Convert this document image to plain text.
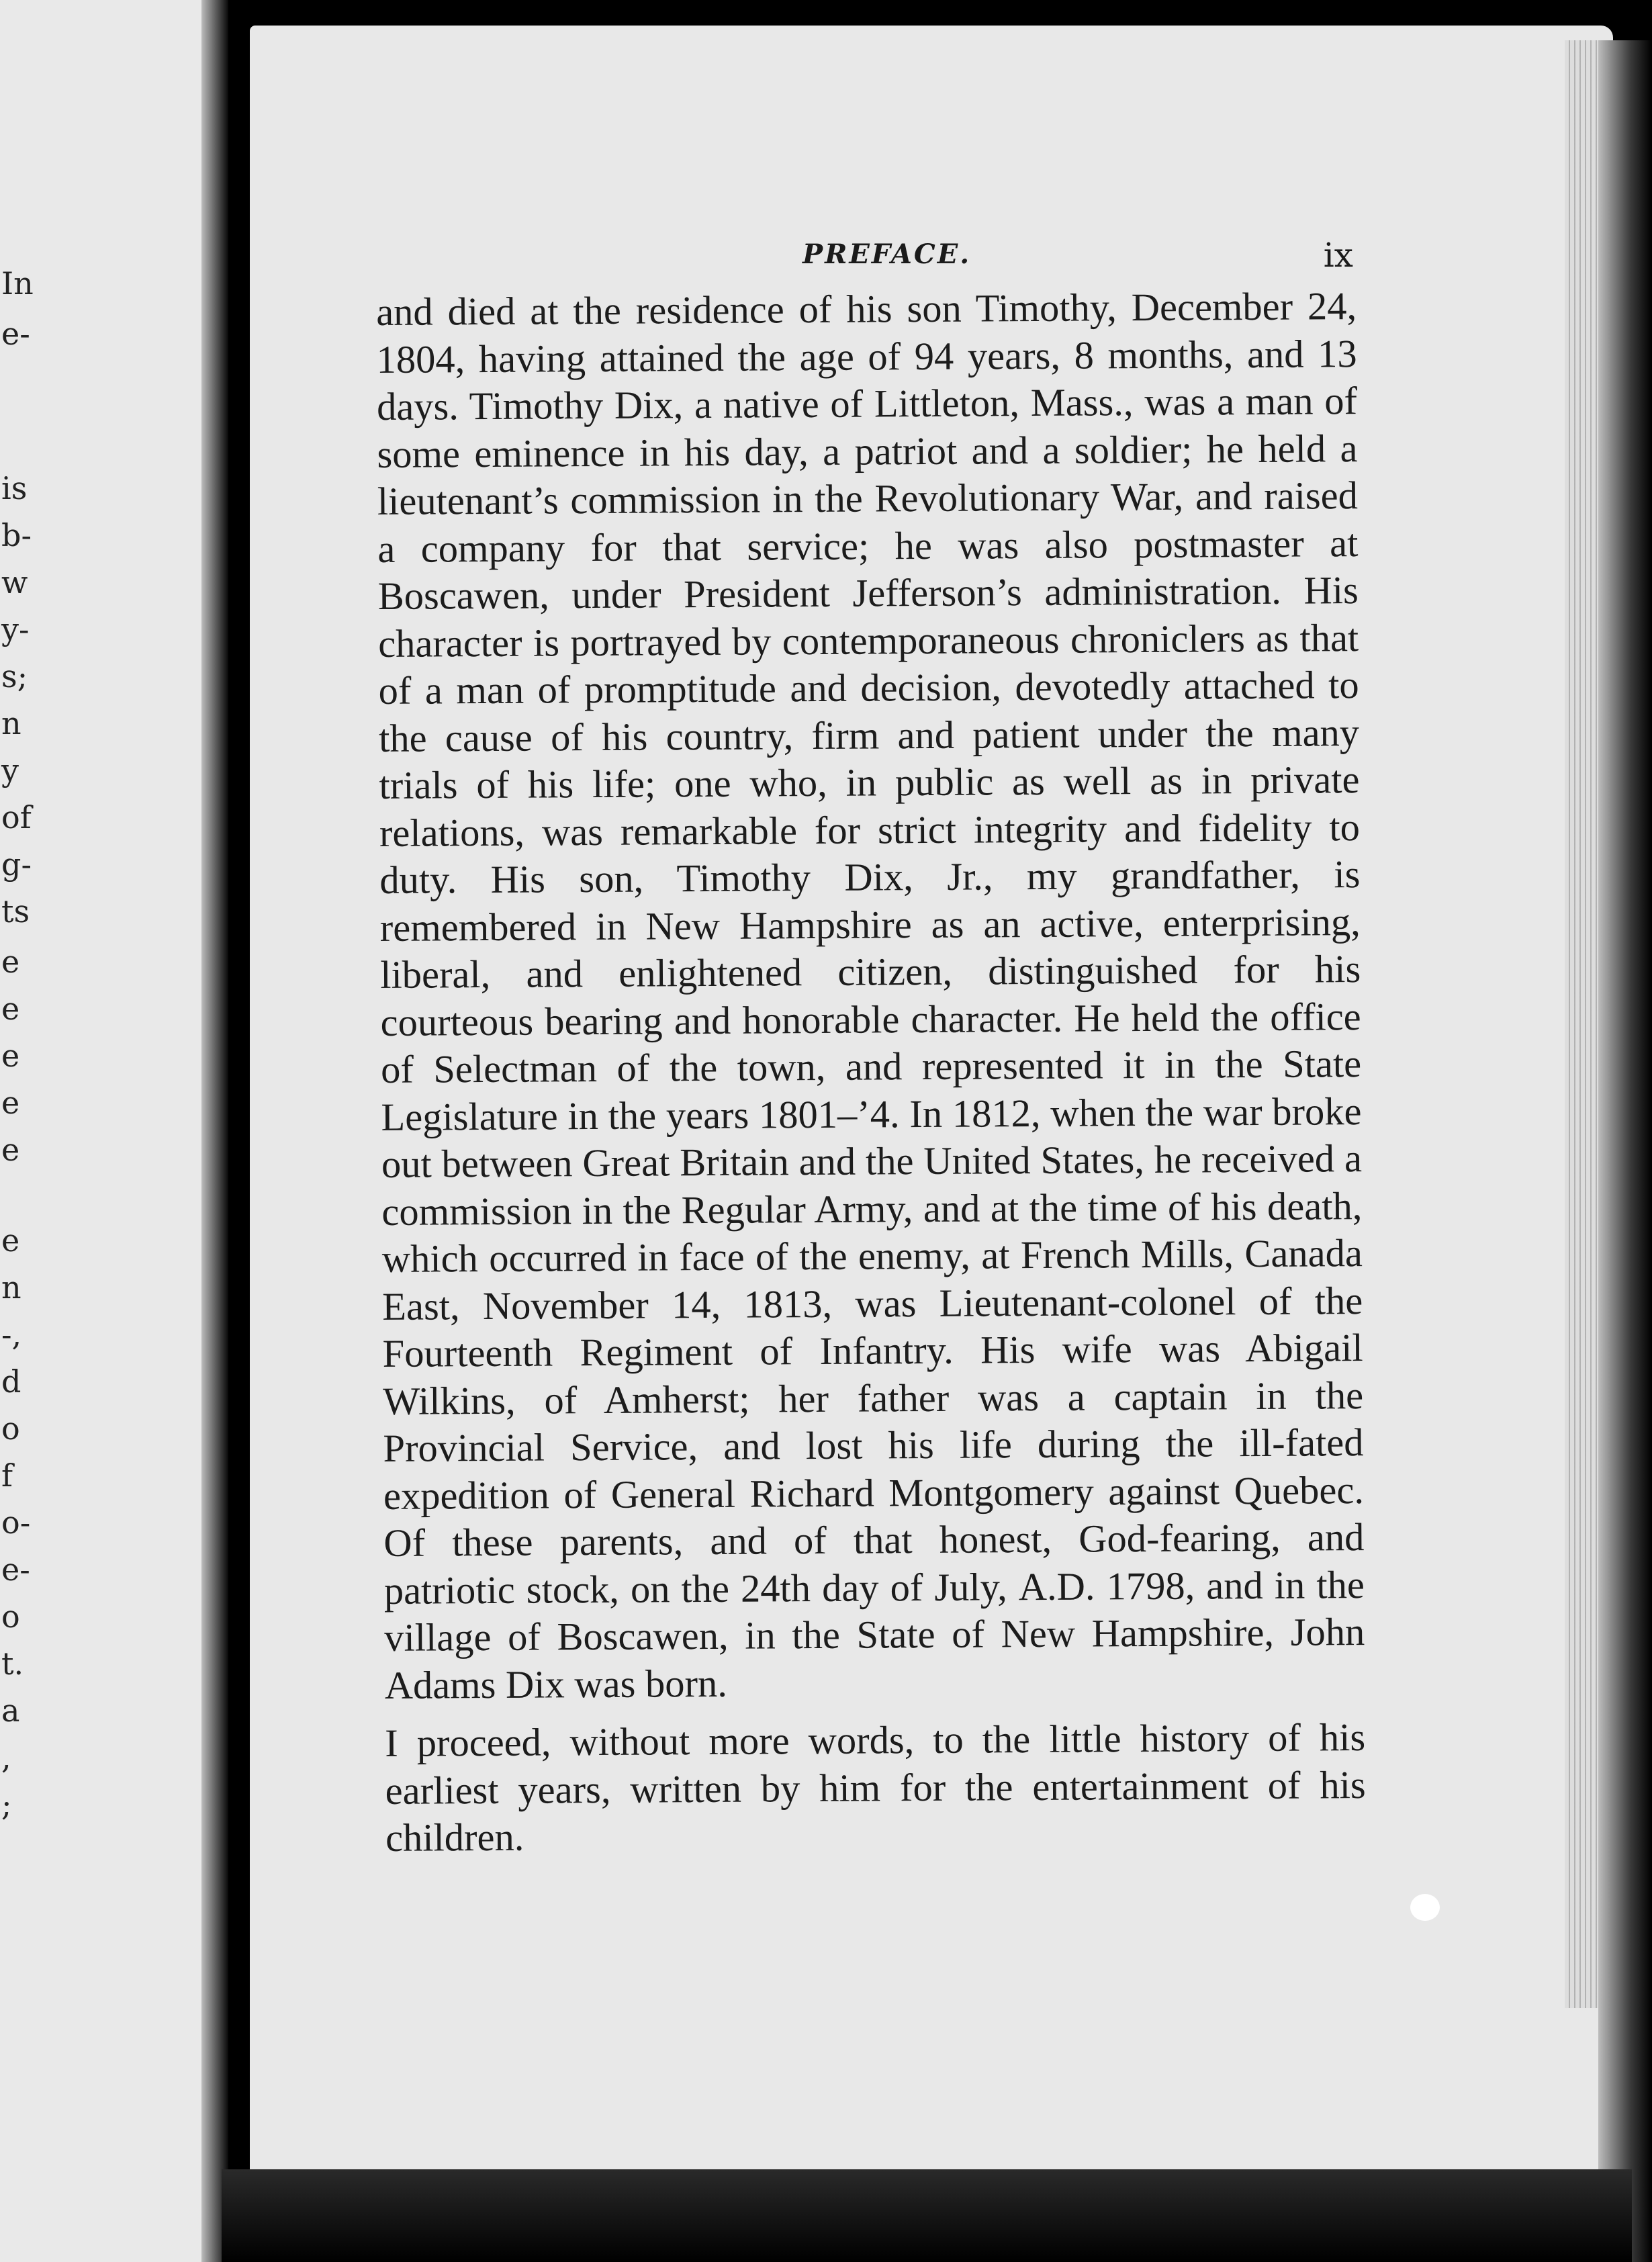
In
e-
is
b-
w
y-
s;
n
y
of
g-
ts
e
e
e
e
e
e
n
-,
d
o
f
o-
e-
o
t.
a
,
;
PREFACE.	ix

and died at the residence of his son Timothy, December 24, 1804, having attained the age of 94 years, 8 months, and 13 days. Timothy Dix, a native of Littleton, Mass., was a man of some eminence in his day, a patriot and a soldier; he held a lieutenant’s commission in the Revolutionary War, and raised a company for that service; he was also postmaster at Boscawen, under President Jefferson’s administration. His character is portrayed by contemporaneous chroniclers as that of a man of promptitude and decision, devotedly attached to the cause of his country, firm and patient under the many trials of his life; one who, in public as well as in private relations, was remarkable for strict integrity and fidelity to duty. His son, Timothy Dix, Jr., my grandfather, is remembered in New Hampshire as an active, enterprising, liberal, and enlightened citizen, distinguished for his courteous bearing and honorable character. He held the office of Selectman of the town, and represented it in the State Legislature in the years 1801–’4. In 1812, when the war broke out between Great Britain and the United States, he received a commission in the Regular Army, and at the time of his death, which occurred in face of the enemy, at French Mills, Canada East, November 14, 1813, was Lieutenant-colonel of the Fourteenth Regiment of Infantry. His wife was Abigail Wilkins, of Amherst; her father was a captain in the Provincial Service, and lost his life during the ill-fated expedition of General Richard Montgomery against Quebec. Of these parents, and of that honest, God-fearing, and patriotic stock, on the 24th day of July, A.D. 1798, and in the village of Boscawen, in the State of New Hampshire, John Adams Dix was born.

I proceed, without more words, to the little history of his earliest years, written by him for the entertainment of his children.
